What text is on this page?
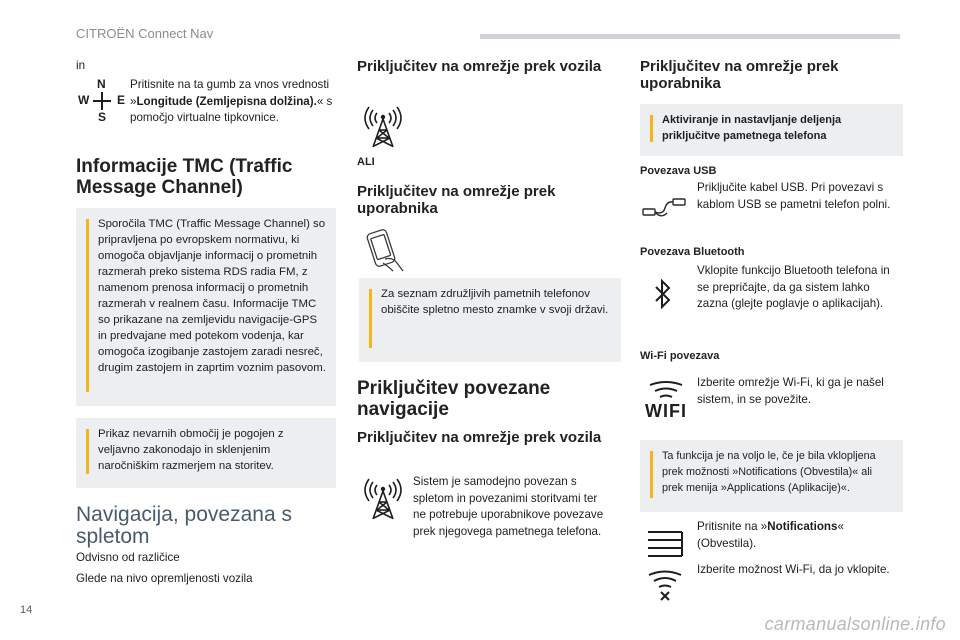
CITROËN Connect Nav

in

N
W E
S

Pritisnite na ta gumb za vnos vrednosti »Longitude (Zemljepisna dolžina).« s pomočjo virtualne tipkovnice.

Informacije TMC (Traffic Message Channel)

Sporočila TMC (Traffic Message Channel) so pripravljena po evropskem normativu, ki omogoča objavljanje informacij o prometnih razmerah preko sistema RDS radia FM, z namenom prenosa informacij o prometnih razmerah v realnem času. Informacije TMC so prikazane na zemljevidu navigacije-GPS in predvajane med potekom vodenja, kar omogoča izogibanje zastojem zaradi nesreč, drugim zastojem in zaprtim voznim pasovom.

Prikaz nevarnih območij je pogojen z veljavno zakonodajo in sklenjenim naročniškim razmerjem na storitev.

Navigacija, povezana s spletom

Odvisno od različice

Glede na nivo opremljenosti vozila

Priključitev na omrežje prek vozila

ALI

Priključitev na omrežje prek uporabnika

Za seznam združljivih pametnih telefonov obiščite spletno mesto znamke v svoji državi.

Priključitev povezane navigacije

Priključitev na omrežje prek vozila

Sistem je samodejno povezan s spletom in povezanimi storitvami ter ne potrebuje uporabnikove povezave prek njegovega pametnega telefona.

Priključitev na omrežje prek uporabnika

Aktiviranje in nastavljanje deljenja priključitve pametnega telefona

Povezava USB

Priključite kabel USB. Pri povezavi s kablom USB se pametni telefon polni.

Povezava Bluetooth

Vklopite funkcijo Bluetooth telefona in se prepričajte, da ga sistem lahko zazna (glejte poglavje o aplikacijah).

Wi-Fi povezava

WIFI

Izberite omrežje Wi-Fi, ki ga je našel sistem, in se povežite.

Ta funkcija je na voljo le, če je bila vklopljena prek možnosti »Notifications (Obvestila)« ali prek menija »Applications (Aplikacije)«.

Pritisnite na »Notifications« (Obvestila).

Izberite možnost Wi-Fi, da jo vklopite.

14
carmanualsonline.info
